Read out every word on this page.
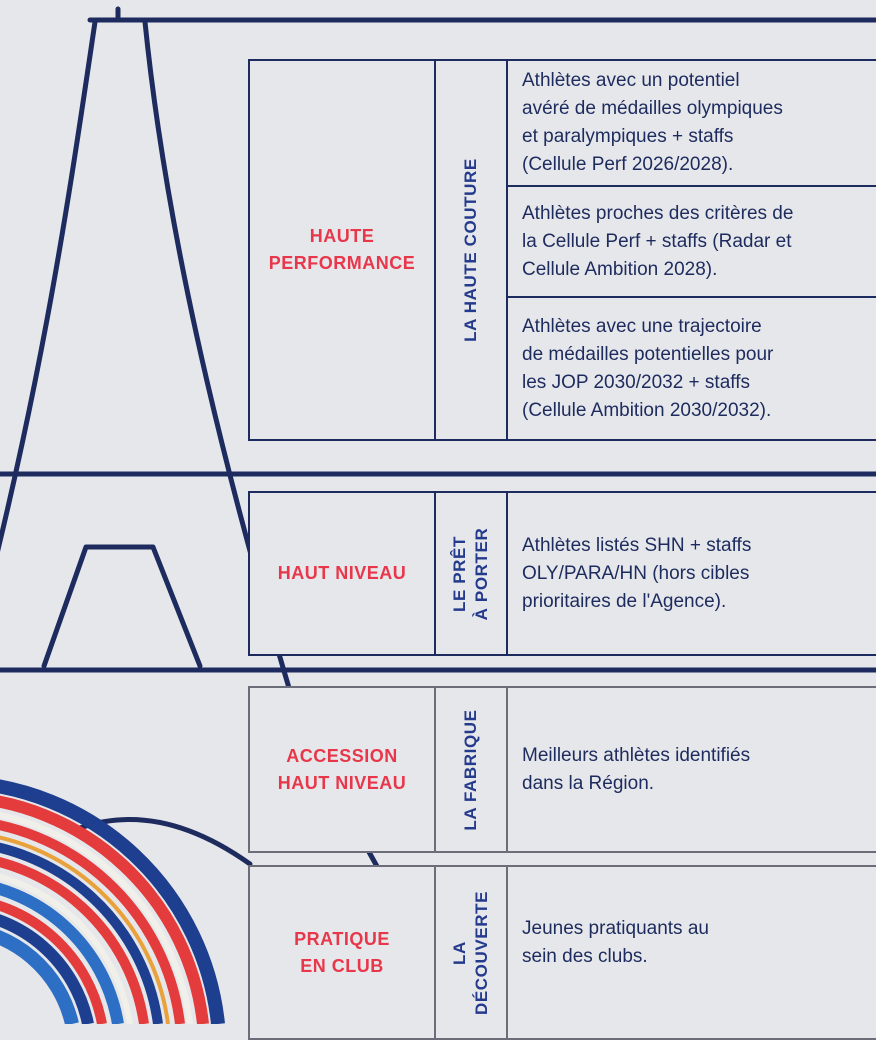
HAUTE
PERFORMANCE	LA HAUTE COUTURE
Athlètes avec un potentiel
avéré de médailles olympiques
et paralympiques + staffs
(Cellule Perf 2026/2028).
Athlètes proches des critères de
la Cellule Perf + staffs (Radar et
Cellule Ambition 2028).
Athlètes avec une trajectoire
de médailles potentielles pour
les JOP 2030/2032 + staffs
(Cellule Ambition 2030/2032).
HAUT NIVEAU
LE PRÊT
À PORTER Athlètes listés SHN + staffs
OLY/PARA/HN (hors cibles
prioritaires de l'Agence).
ACCESSION
HAUT NIVEAU	LA FABRIQUE Meilleurs athlètes identifiés
dans la Région.
PRATIQUE
EN CLUB
LA
DÉCOUVERTE Jeunes pratiquants au
sein des clubs.
